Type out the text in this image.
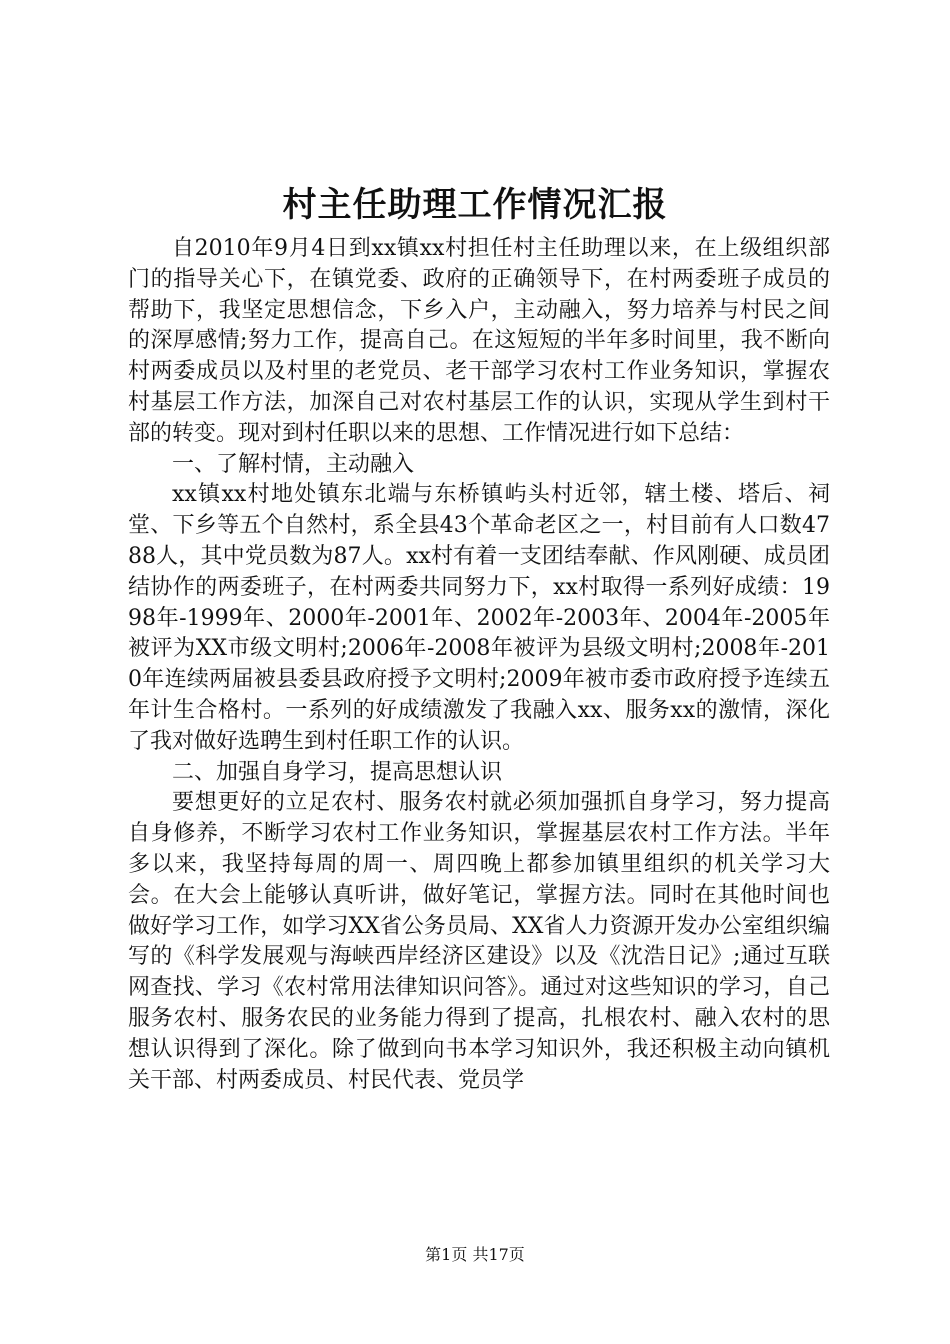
村主任助理工作情况汇报

自2010年9月4日到xx镇xx村担任村主任助理以来，在上级组织部门的指导关心下，在镇党委、政府的正确领导下，在村两委班子成员的帮助下，我坚定思想信念，下乡入户，主动融入，努力培养与村民之间的深厚感情;努力工作，提高自己。在这短短的半年多时间里，我不断向村两委成员以及村里的老党员、老干部学习农村工作业务知识，掌握农村基层工作方法，加深自己对农村基层工作的认识，实现从学生到村干部的转变。现对到村任职以来的思想、工作情况进行如下总结：

一、了解村情，主动融入

xx镇xx村地处镇东北端与东桥镇屿头村近邻，辖土楼、塔后、祠堂、下乡等五个自然村，系全县43个革命老区之一，村目前有人口数4788人，其中党员数为87人。xx村有着一支团结奉献、作风刚硬、成员团结协作的两委班子，在村两委共同努力下，xx村取得一系列好成绩：1998年-1999年、2000年-2001年、2002年-2003年、2004年-2005年被评为XX市级文明村;2006年-2008年被评为县级文明村;2008年-2010年连续两届被县委县政府授予文明村;2009年被市委市政府授予连续五年计生合格村。一系列的好成绩激发了我融入xx、服务xx的激情，深化了我对做好选聘生到村任职工作的认识。

二、加强自身学习，提高思想认识

要想更好的立足农村、服务农村就必须加强抓自身学习，努力提高自身修养，不断学习农村工作业务知识，掌握基层农村工作方法。半年多以来，我坚持每周的周一、周四晚上都参加镇里组织的机关学习大会。在大会上能够认真听讲，做好笔记，掌握方法。同时在其他时间也做好学习工作，如学习XX省公务员局、XX省人力资源开发办公室组织编写的《科学发展观与海峡西岸经济区建设》以及《沈浩日记》;通过互联网查找、学习《农村常用法律知识问答》。通过对这些知识的学习，自己服务农村、服务农民的业务能力得到了提高，扎根农村、融入农村的思想认识得到了深化。除了做到向书本学习知识外，我还积极主动向镇机关干部、村两委成员、村民代表、党员学

第1页 共17页
